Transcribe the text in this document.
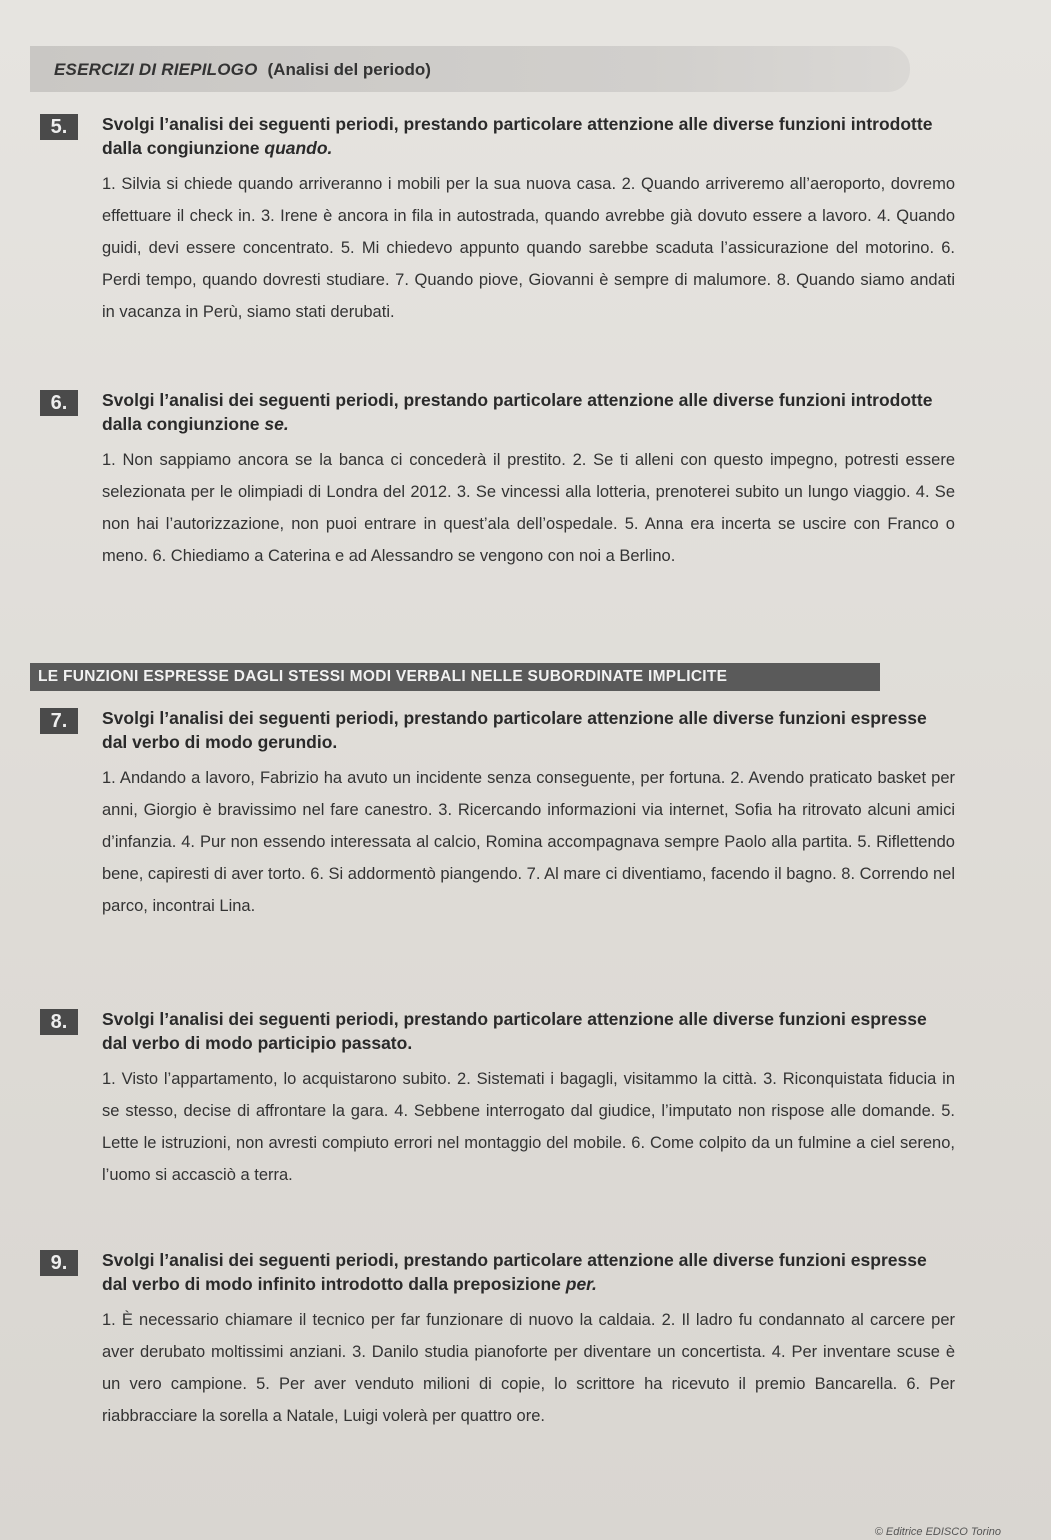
ESERCIZI DI RIEPILOGO (Analisi del periodo)
5.	Svolgi l’analisi dei seguenti periodi, prestando particolare attenzione alle diverse funzioni introdotte dalla congiunzione quando.
1. Silvia si chiede quando arriveranno i mobili per la sua nuova casa. 2. Quando arriveremo all’aeroporto, dovremo effettuare il check in. 3. Irene è ancora in fila in autostrada, quando avrebbe già dovuto essere a lavoro. 4. Quando guidi, devi essere concentrato. 5. Mi chiedevo appunto quando sarebbe scaduta l’assicurazione del motorino. 6. Perdi tempo, quando dovresti studiare. 7. Quando piove, Giovanni è sempre di malumore. 8. Quando siamo andati in vacanza in Perù, siamo stati derubati.
6.	Svolgi l’analisi dei seguenti periodi, prestando particolare attenzione alle diverse funzioni introdotte dalla congiunzione se.
1. Non sappiamo ancora se la banca ci concederà il prestito. 2. Se ti alleni con questo impegno, potresti essere selezionata per le olimpiadi di Londra del 2012. 3. Se vincessi alla lotteria, prenoterei subito un lungo viaggio. 4. Se non hai l’autorizzazione, non puoi entrare in quest’ala dell’ospedale. 5. Anna era incerta se uscire con Franco o meno. 6. Chiediamo a Caterina e ad Alessandro se vengono con noi a Berlino.
LE FUNZIONI ESPRESSE DAGLI STESSI MODI VERBALI NELLE SUBORDINATE IMPLICITE
7.	Svolgi l’analisi dei seguenti periodi, prestando particolare attenzione alle diverse funzioni espresse dal verbo di modo gerundio.
1. Andando a lavoro, Fabrizio ha avuto un incidente senza conseguente, per fortuna. 2. Avendo praticato basket per anni, Giorgio è bravissimo nel fare canestro. 3. Ricercando informazioni via internet, Sofia ha ritrovato alcuni amici d’infanzia. 4. Pur non essendo interessata al calcio, Romina accompagnava sempre Paolo alla partita. 5. Riflettendo bene, capiresti di aver torto. 6. Si addormentò piangendo. 7. Al mare ci diventiamo, facendo il bagno. 8. Correndo nel parco, incontrai Lina.
8.	Svolgi l’analisi dei seguenti periodi, prestando particolare attenzione alle diverse funzioni espresse dal verbo di modo participio passato.
1. Visto l’appartamento, lo acquistarono subito. 2. Sistemati i bagagli, visitammo la città. 3. Riconquistata fiducia in se stesso, decise di affrontare la gara. 4. Sebbene interrogato dal giudice, l’imputato non rispose alle domande. 5. Lette le istruzioni, non avresti compiuto errori nel montaggio del mobile. 6. Come colpito da un fulmine a ciel sereno, l’uomo si accasciò a terra.
9.	Svolgi l’analisi dei seguenti periodi, prestando particolare attenzione alle diverse funzioni espresse dal verbo di modo infinito introdotto dalla preposizione per.
1. È necessario chiamare il tecnico per far funzionare di nuovo la caldaia. 2. Il ladro fu condannato al carcere per aver derubato moltissimi anziani. 3. Danilo studia pianoforte per diventare un concertista. 4. Per inventare scuse è un vero campione. 5. Per aver venduto milioni di copie, lo scrittore ha ricevuto il premio Bancarella. 6. Per riabbracciare la sorella a Natale, Luigi volerà per quattro ore.
© Editrice EDISCO Torino
